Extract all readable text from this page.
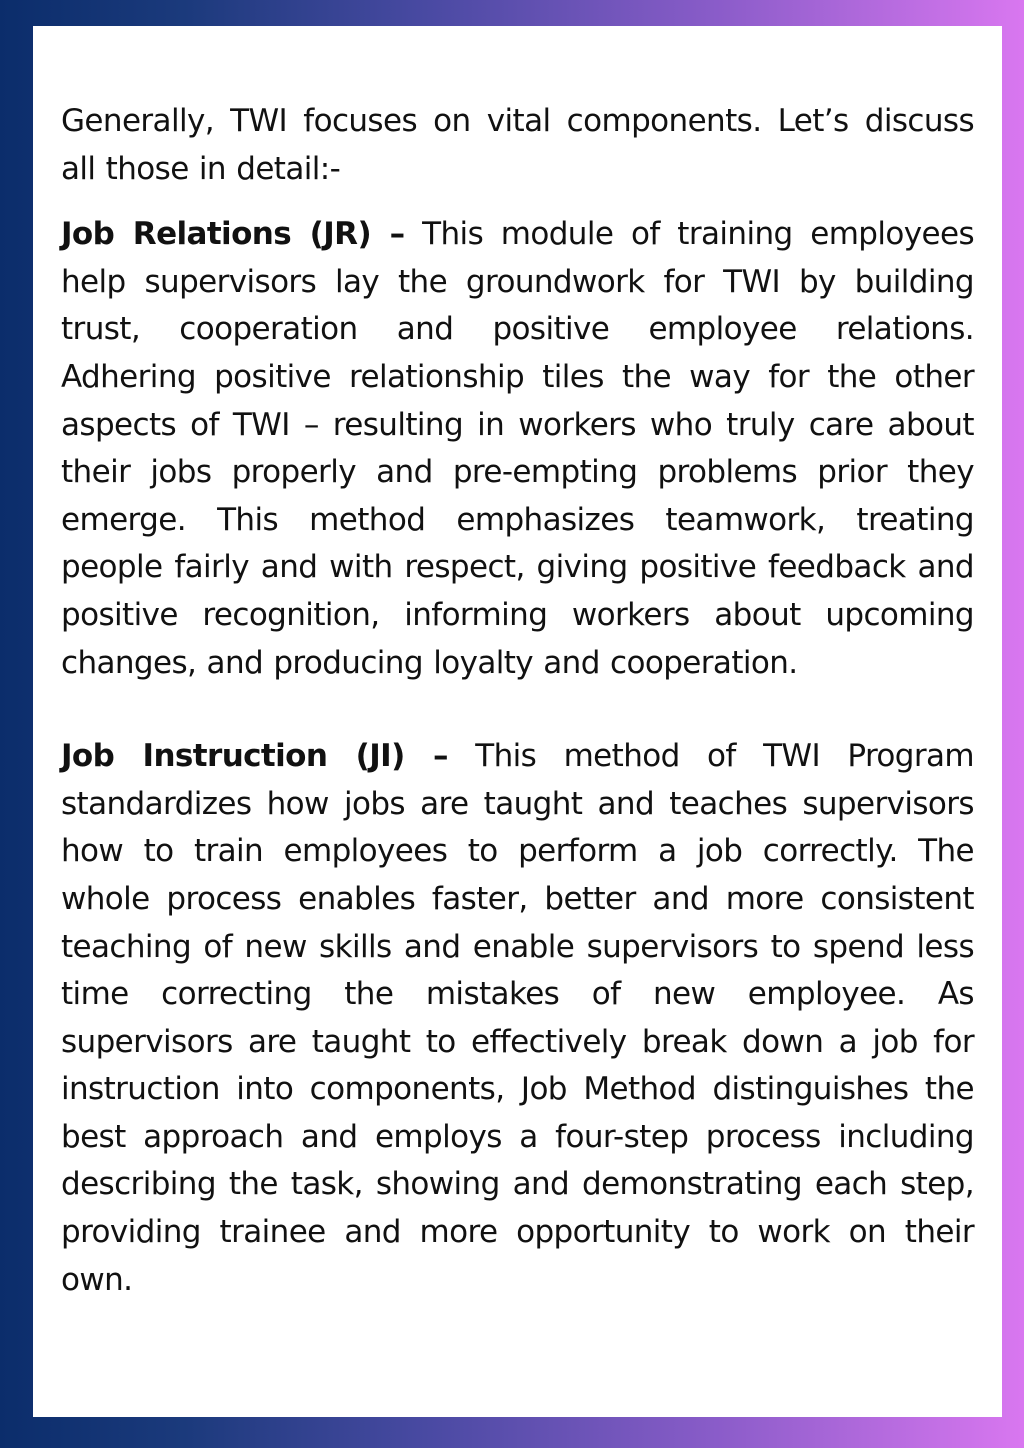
Generally, TWI focuses on vital components. Let’s discuss all those in detail:-

Job Relations (JR) – This module of training employees help supervisors lay the groundwork for TWI by building trust, cooperation and positive employee relations. Adhering positive relationship tiles the way for the other aspects of TWI – resulting in workers who truly care about their jobs properly and pre-empting problems prior they emerge. This method emphasizes teamwork, treating people fairly and with respect, giving positive feedback and positive recognition, informing workers about upcoming changes, and producing loyalty and cooperation.

Job Instruction (JI) – This method of TWI Program standardizes how jobs are taught and teaches supervisors how to train employees to perform a job correctly. The whole process enables faster, better and more consistent teaching of new skills and enable supervisors to spend less time correcting the mistakes of new employee. As supervisors are taught to effectively break down a job for instruction into components, Job Method distinguishes the best approach and employs a four-step process including describing the task, showing and demonstrating each step, providing trainee and more opportunity to work on their own.
